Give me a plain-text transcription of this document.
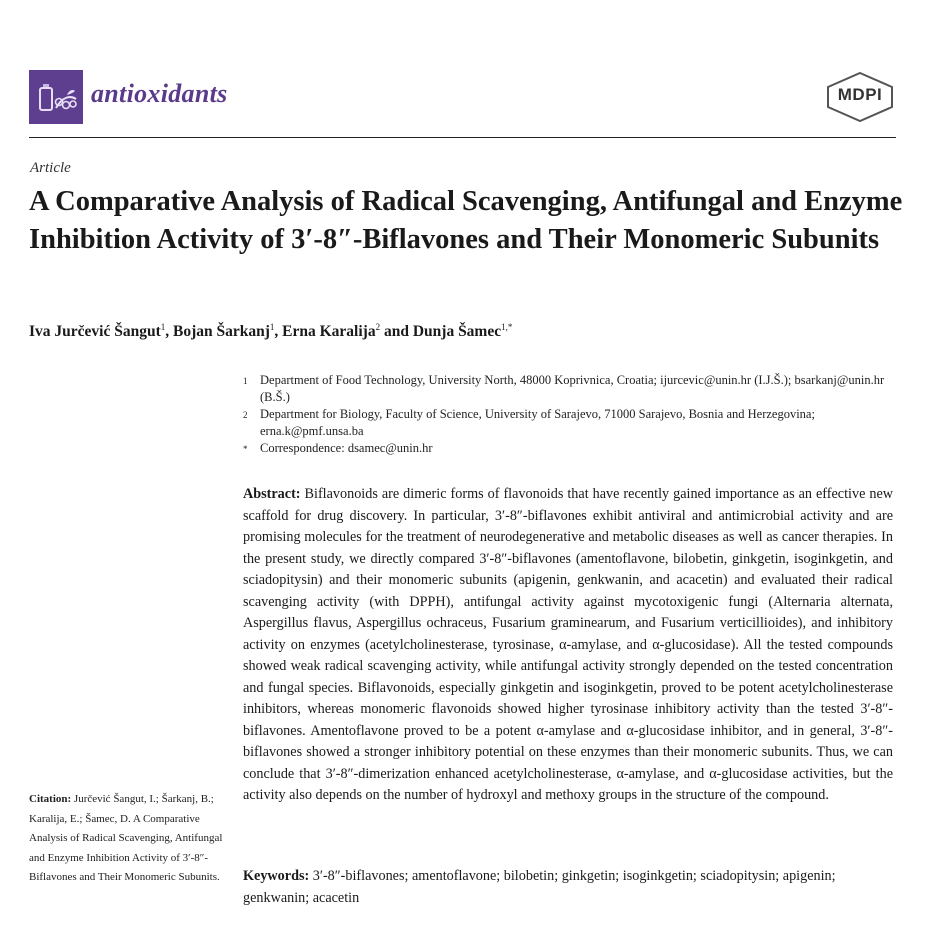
antioxidants	MDPI
Article
A Comparative Analysis of Radical Scavenging, Antifungal and Enzyme Inhibition Activity of 3′-8″-Biflavones and Their Monomeric Subunits
Iva Jurčević Šangut$^1$, Bojan Šarkanj$^1$, Erna Karalija$^2$ and Dunja Šamec$^{1,*}$
1	Department of Food Technology, University North, 48000 Koprivnica, Croatia; ijurcevic@unin.hr (I.J.Š.); bsarkanj@unin.hr (B.Š.)
2	Department for Biology, Faculty of Science, University of Sarajevo, 71000 Sarajevo, Bosnia and Herzegovina; erna.k@pmf.unsa.ba
*	Correspondence: dsamec@unin.hr

Abstract: Biflavonoids are dimeric forms of flavonoids that have recently gained importance as an effective new scaffold for drug discovery. In particular, 3′-8″-biflavones exhibit antiviral and antimicrobial activity and are promising molecules for the treatment of neurodegenerative and metabolic diseases as well as cancer therapies. In the present study, we directly compared 3′-8″-biflavones (amentoflavone, bilobetin, ginkgetin, isoginkgetin, and sciadopitysin) and their monomeric subunits (apigenin, genkwanin, and acacetin) and evaluated their radical scavenging activity (with DPPH), antifungal activity against mycotoxigenic fungi (Alternaria alternata, Aspergillus flavus, Aspergillus ochraceus, Fusarium graminearum, and Fusarium verticillioides), and inhibitory activity on enzymes (acetylcholinesterase, tyrosinase, α-amylase, and α-glucosidase). All the tested compounds showed weak radical scavenging activity, while antifungal activity strongly depended on the tested concentration and fungal species. Biflavonoids, especially ginkgetin and isoginkgetin, proved to be potent acetylcholinesterase inhibitors, whereas monomeric flavonoids showed higher tyrosinase inhibitory activity than the tested 3′-8″-biflavones. Amentoflavone proved to be a potent α-amylase and α-glucosidase inhibitor, and in general, 3′-8″-biflavones showed a stronger inhibitory potential on these enzymes than their monomeric subunits. Thus, we can conclude that 3′-8″-dimerization enhanced acetylcholinesterase, α-amylase, and α-glucosidase activities, but the activity also depends on the number of hydroxyl and methoxy groups in the structure of the compound.

Keywords: 3′-8″-biflavones; amentoflavone; bilobetin; ginkgetin; isoginkgetin; sciadopitysin; apigenin; genkwanin; acacetin

Citation: Jurčević Šangut, I.; Šarkanj, B.; Karalija, E.; Šamec, D. A Comparative Analysis of Radical Scavenging, Antifungal and Enzyme Inhibition Activity of 3′-8″-Biflavones and Their Monomeric Subunits.
